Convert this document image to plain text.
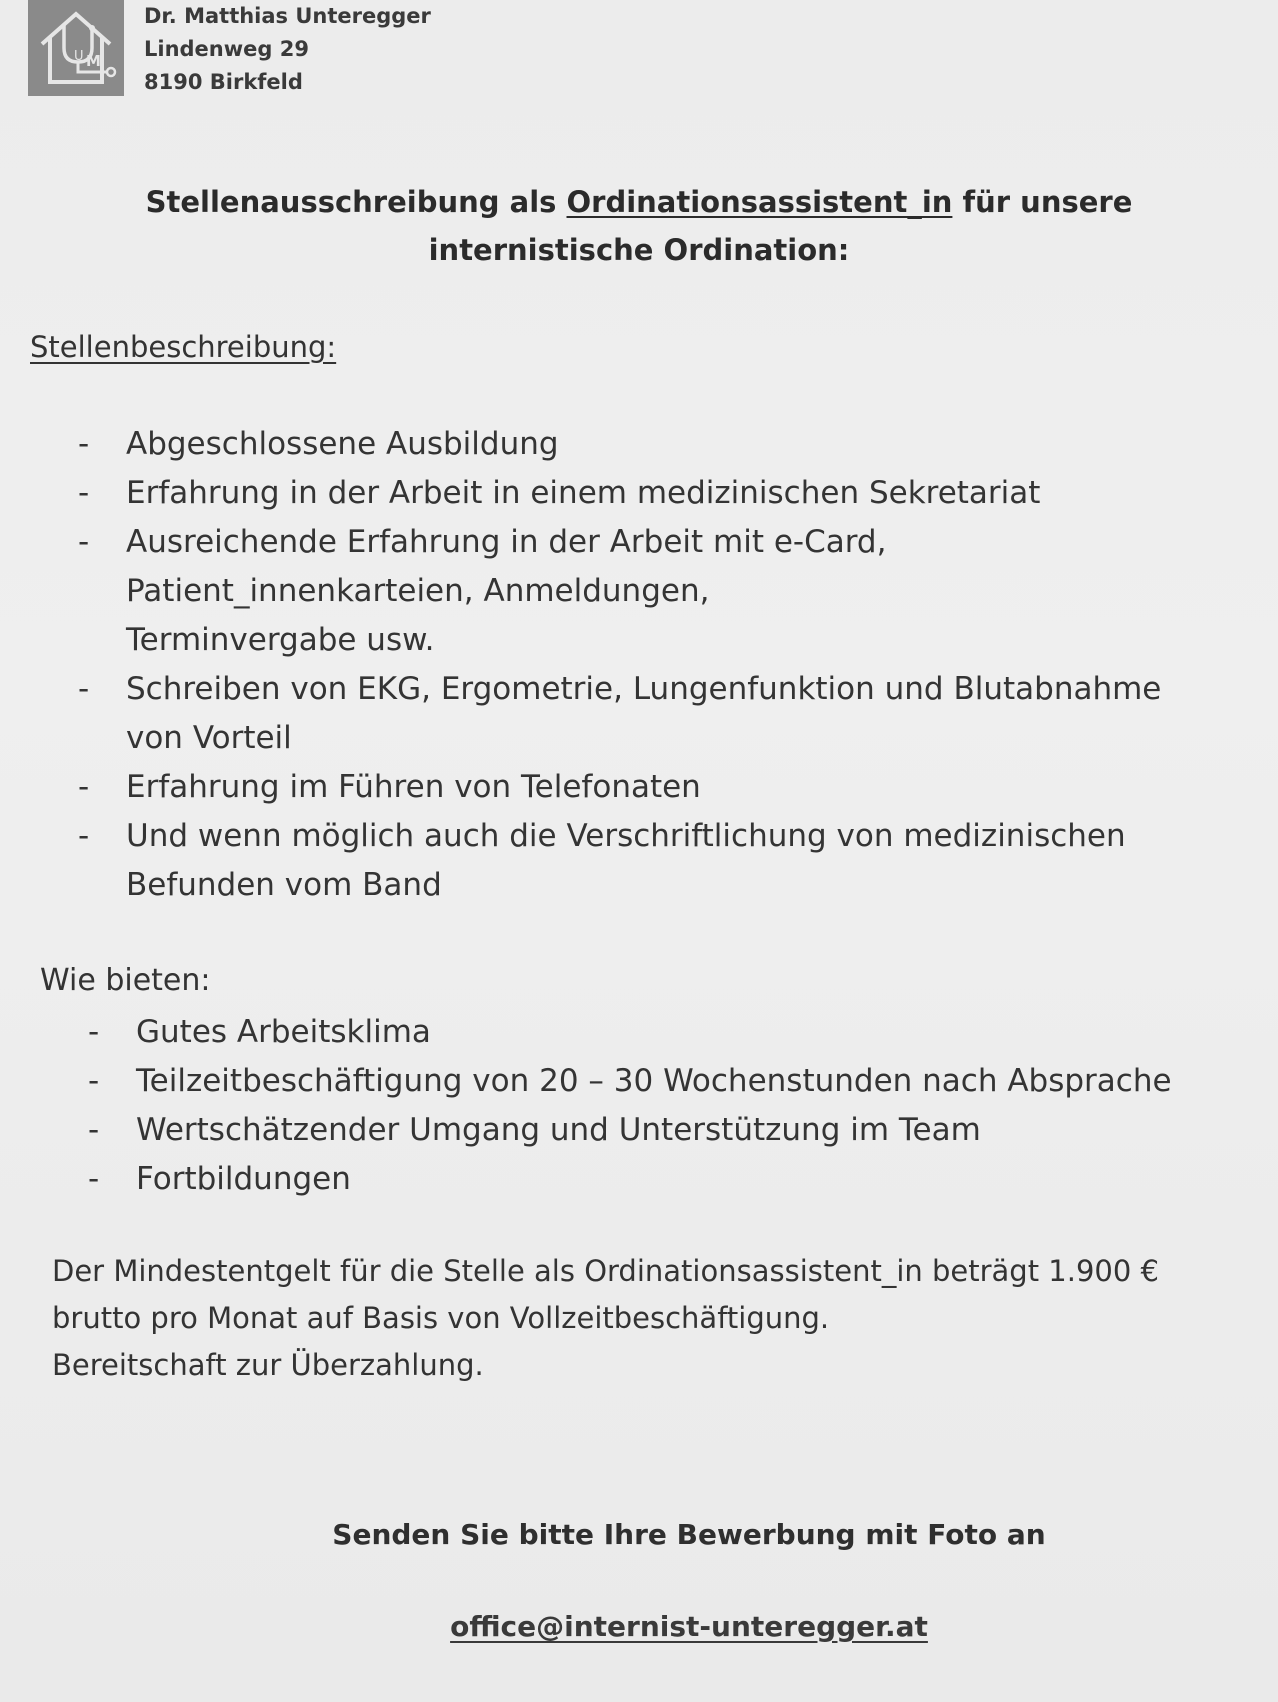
M
U
Dr. Matthias Unteregger
Lindenweg 29
8190 Birkfeld
Stellenausschreibung als Ordinationsassistent_in für unsere
internistische Ordination:
Stellenbeschreibung:
- Abgeschlossene Ausbildung
- Erfahrung in der Arbeit in einem medizinischen Sekretariat
- Ausreichende Erfahrung in der Arbeit mit e-Card,
Patient_innenkarteien, Anmeldungen,
Terminvergabe usw.
- Schreiben von EKG, Ergometrie, Lungenfunktion und Blutabnahme
von Vorteil
- Erfahrung im Führen von Telefonaten
- Und wenn möglich auch die Verschriftlichung von medizinischen
Befunden vom Band
Wie bieten:
- Gutes Arbeitsklima
- Teilzeitbeschäftigung von 20 – 30 Wochenstunden nach Absprache
- Wertschätzender Umgang und Unterstützung im Team
- Fortbildungen
Der Mindestentgelt für die Stelle als Ordinationsassistent_in beträgt 1.900 €
brutto pro Monat auf Basis von Vollzeitbeschäftigung.
Bereitschaft zur Überzahlung.
Senden Sie bitte Ihre Bewerbung mit Foto an
office@internist-unteregger.at
